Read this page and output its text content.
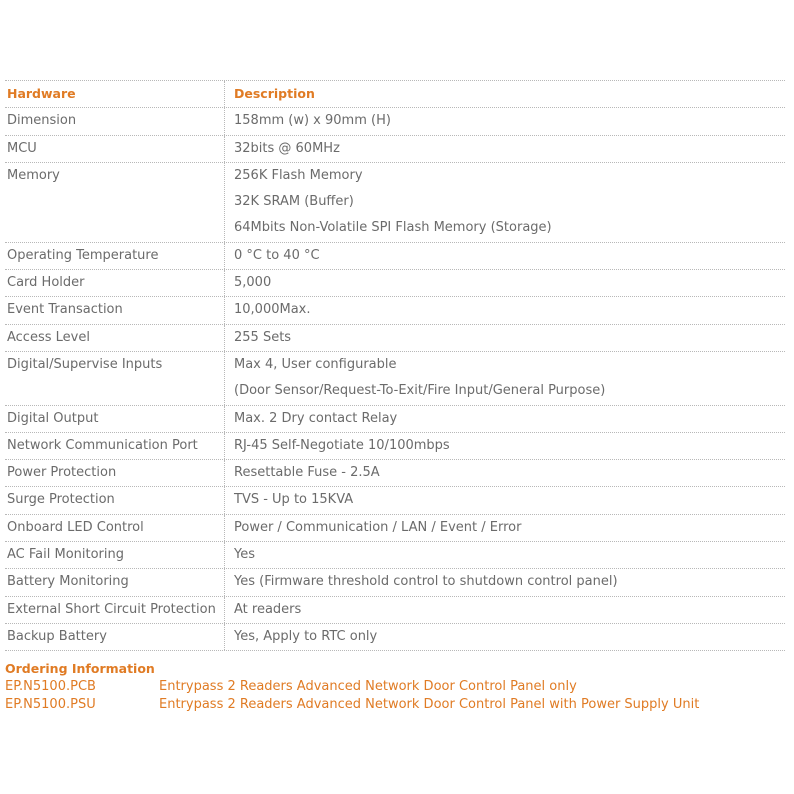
Hardware	Description
Dimension	158mm (w) x 90mm (H)
MCU	32bits @ 60MHz
Memory	256K Flash Memory
32K SRAM (Buffer)
64Mbits Non-Volatile SPI Flash Memory (Storage)
Operating Temperature	0 °C to 40 °C
Card Holder	5,000
Event Transaction	10,000Max.
Access Level	255 Sets
Digital/Supervise Inputs	Max 4, User configurable
(Door Sensor/Request-To-Exit/Fire Input/General Purpose)
Digital Output	Max. 2 Dry contact Relay
Network Communication Port	RJ-45 Self-Negotiate 10/100mbps
Power Protection	Resettable Fuse - 2.5A
Surge Protection	TVS - Up to 15KVA
Onboard LED Control	Power / Communication / LAN / Event / Error
AC Fail Monitoring	Yes
Battery Monitoring	Yes (Firmware threshold control to shutdown control panel)
External Short Circuit Protection	At readers
Backup Battery	Yes, Apply to RTC only
Ordering Information
EP.N5100.PCB	Entrypass 2 Readers Advanced Network Door Control Panel only
EP.N5100.PSU	Entrypass 2 Readers Advanced Network Door Control Panel with Power Supply Unit
